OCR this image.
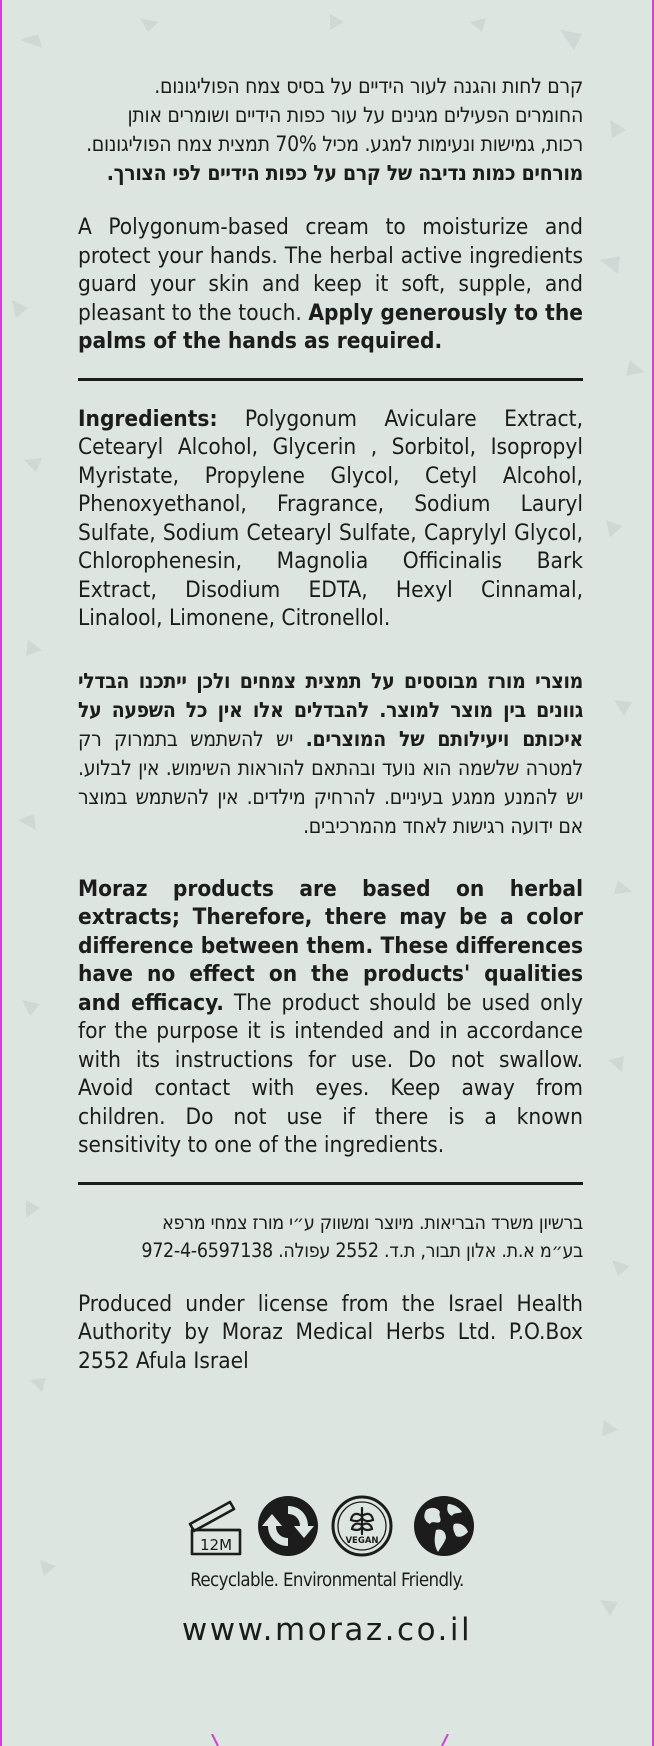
קרם לחות והגנה לעור הידיים על בסיס צמח הפוליגונום.

החומרים הפעילים מגינים על עור כפות הידיים ושומרים אותן

רכות, גמישות ונעימות למגע. מכיל 70% תמצית צמח הפוליגונום.

מורחים כמות נדיבה של קרם על כפות הידיים לפי הצורך.

A Polygonum-based cream to moisturize and protect your hands. The herbal active ingredients guard your skin and keep it soft, supple, and pleasant to the touch. Apply generously to the palms of the hands as required.

Ingredients: Polygonum Aviculare Extract, Cetearyl Alcohol, Glycerin , Sorbitol, Isopropyl Myristate, Propylene Glycol, Cetyl Alcohol, Phenoxyethanol, Fragrance, Sodium Lauryl Sulfate, Sodium Cetearyl Sulfate, Caprylyl Glycol, Chlorophenesin, Magnolia Officinalis Bark Extract, Disodium EDTA, Hexyl Cinnamal, Linalool, Limonene, Citronellol.

מוצרי מורז מבוססים על תמצית צמחים ולכן ייתכנו הבדלי גוונים בין מוצר למוצר. להבדלים אלו אין כל השפעה על איכותם ויעילותם של המוצרים. יש להשתמש בתמרוק רק למטרה שלשמה הוא נועד ובהתאם להוראות השימוש. אין לבלוע. יש להמנע ממגע בעיניים. להרחיק מילדים. אין להשתמש במוצר אם ידועה רגישות לאחד מהמרכיבים.

Moraz products are based on herbal extracts; Therefore, there may be a color difference between them. These differences have no effect on the products' qualities and efficacy. The product should be used only for the purpose it is intended and in accordance with its instructions for use. Do not swallow. Avoid contact with eyes. Keep away from children. Do not use if there is a known sensitivity to one of the ingredients.

ברשיון משרד הבריאות. מיוצר ומשווק ע״י מורז צמחי מרפא

בע״מ א.ת. אלון תבור, ת.ד. 2552 עפולה. 972-4-6597138

Produced under license from the Israel Health Authority by Moraz Medical Herbs Ltd. P.O.Box 2552 Afula Israel

12M	VEGAN
Recyclable. Environmental Friendly.
www.moraz.co.il
